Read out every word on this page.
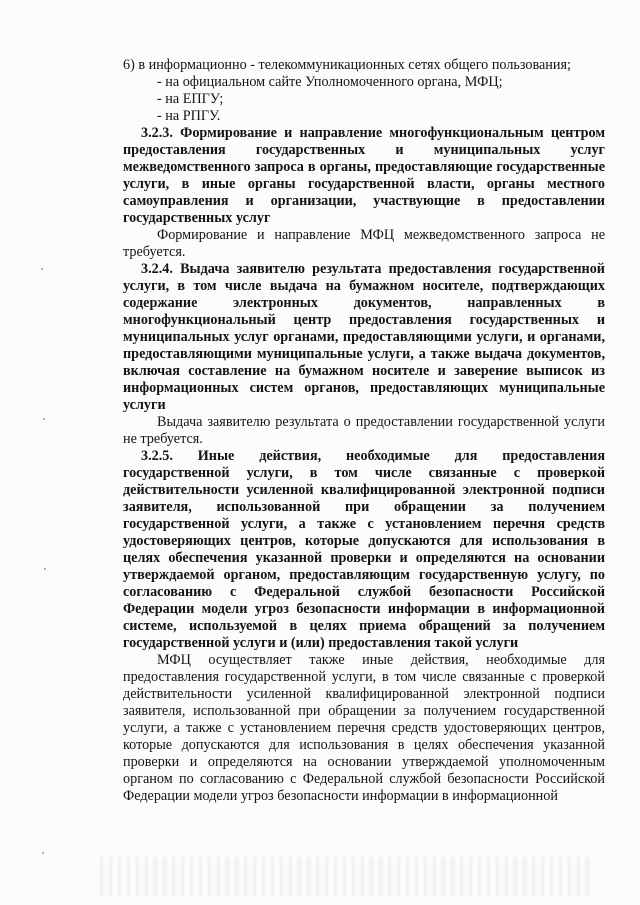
6) в информационно - телекоммуникационных сетях общего пользования;

- на официальном сайте Уполномоченного органа, МФЦ;
- на ЕПГУ;
- на РПГУ.

3.2.3. Формирование и направление многофункциональным центром предоставления государственных и муниципальных услуг межведомственного запроса в органы, предоставляющие государственные услуги, в иные органы государственной власти, органы местного самоуправления и организации, участвующие в предоставлении государственных услуг

Формирование и направление МФЦ межведомственного запроса не требуется.

3.2.4. Выдача заявителю результата предоставления государственной услуги, в том числе выдача на бумажном носителе, подтверждающих содержание электронных документов, направленных в многофункциональный центр предоставления государственных и муниципальных услуг органами, предоставляющими услуги, и органами, предоставляющими муниципальные услуги, а также выдача документов, включая составление на бумажном носителе и заверение выписок из информационных систем органов, предоставляющих муниципальные услуги

Выдача заявителю результата о предоставлении государственной услуги не требуется.

3.2.5. Иные действия, необходимые для предоставления государственной услуги, в том числе связанные с проверкой действительности усиленной квалифицированной электронной подписи заявителя, использованной при обращении за получением государственной услуги, а также с установлением перечня средств удостоверяющих центров, которые допускаются для использования в целях обеспечения указанной проверки и определяются на основании утверждаемой органом, предоставляющим государственную услугу, по согласованию с Федеральной службой безопасности Российской Федерации модели угроз безопасности информации в информационной системе, используемой в целях приема обращений за получением государственной услуги и (или) предоставления такой услуги

МФЦ осуществляет также иные действия, необходимые для предоставления государственной услуги, в том числе связанные с проверкой действительности усиленной квалифицированной электронной подписи заявителя, использованной при обращении за получением государственной услуги, а также с установлением перечня средств удостоверяющих центров, которые допускаются для использования в целях обеспечения указанной проверки и определяются на основании утверждаемой уполномоченным органом по согласованию с Федеральной службой безопасности Российской Федерации модели угроз безопасности информации в информационной
